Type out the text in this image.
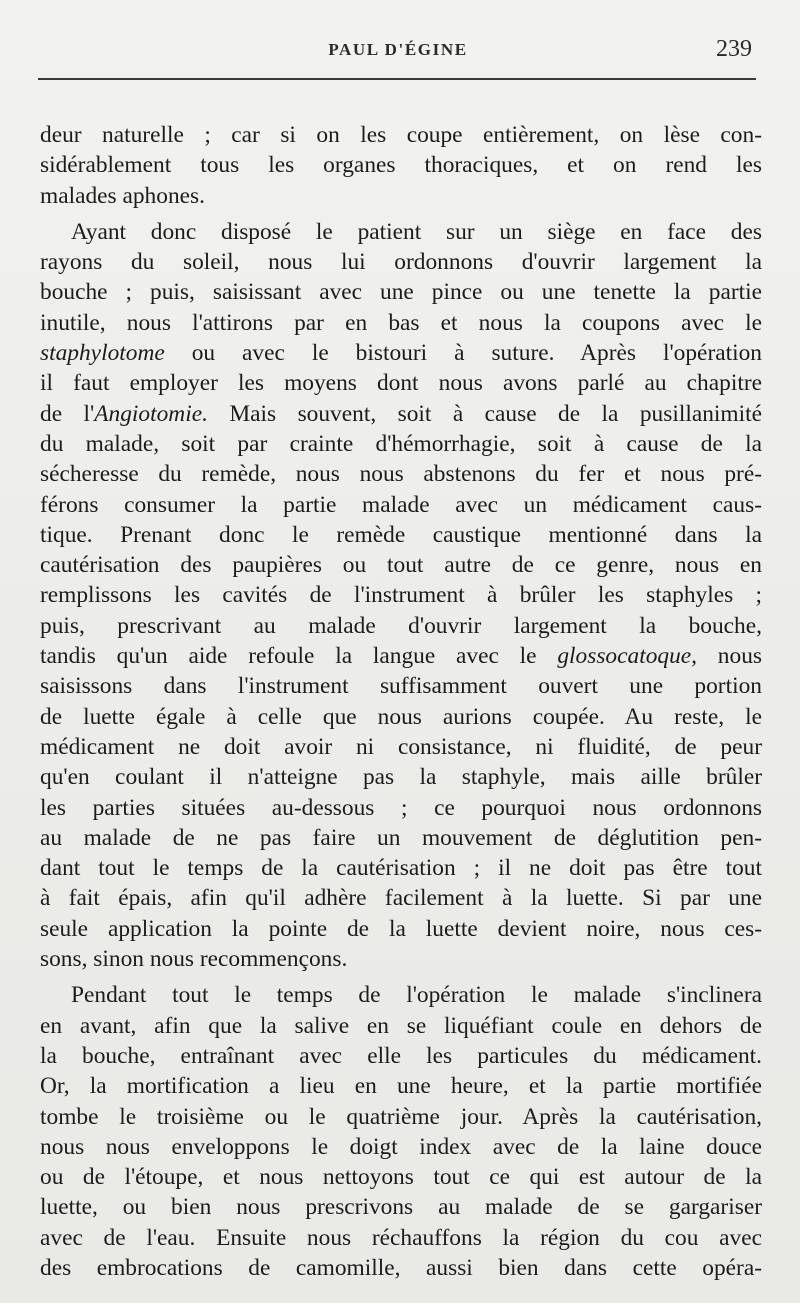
PAUL D'ÉGINE	239
deur naturelle ; car si on les coupe entièrement, on lèse con-
sidérablement tous les organes thoraciques, et on rend les
malades aphones.
Ayant donc disposé le patient sur un siège en face des
rayons du soleil, nous lui ordonnons d'ouvrir largement la
bouche ; puis, saisissant avec une pince ou une tenette la partie
inutile, nous l'attirons par en bas et nous la coupons avec le
staphylotome ou avec le bistouri à suture. Après l'opération
il faut employer les moyens dont nous avons parlé au chapitre
de l'Angiotomie. Mais souvent, soit à cause de la pusillanimité
du malade, soit par crainte d'hémorrhagie, soit à cause de la
sécheresse du remède, nous nous abstenons du fer et nous pré-
férons consumer la partie malade avec un médicament caus-
tique. Prenant donc le remède caustique mentionné dans la
cautérisation des paupières ou tout autre de ce genre, nous en
remplissons les cavités de l'instrument à brûler les staphyles ;
puis, prescrivant au malade d'ouvrir largement la bouche,
tandis qu'un aide refoule la langue avec le glossocatoque, nous
saisissons dans l'instrument suffisamment ouvert une portion
de luette égale à celle que nous aurions coupée. Au reste, le
médicament ne doit avoir ni consistance, ni fluidité, de peur
qu'en coulant il n'atteigne pas la staphyle, mais aille brûler
les parties situées au-dessous ; ce pourquoi nous ordonnons
au malade de ne pas faire un mouvement de déglutition pen-
dant tout le temps de la cautérisation ; il ne doit pas être tout
à fait épais, afin qu'il adhère facilement à la luette. Si par une
seule application la pointe de la luette devient noire, nous ces-
sons, sinon nous recommençons.
Pendant tout le temps de l'opération le malade s'inclinera
en avant, afin que la salive en se liquéfiant coule en dehors de
la bouche, entraînant avec elle les particules du médicament.
Or, la mortification a lieu en une heure, et la partie mortifiée
tombe le troisième ou le quatrième jour. Après la cautérisation,
nous nous enveloppons le doigt index avec de la laine douce
ou de l'étoupe, et nous nettoyons tout ce qui est autour de la
luette, ou bien nous prescrivons au malade de se gargariser
avec de l'eau. Ensuite nous réchauffons la région du cou avec
des embrocations de camomille, aussi bien dans cette opéra-
